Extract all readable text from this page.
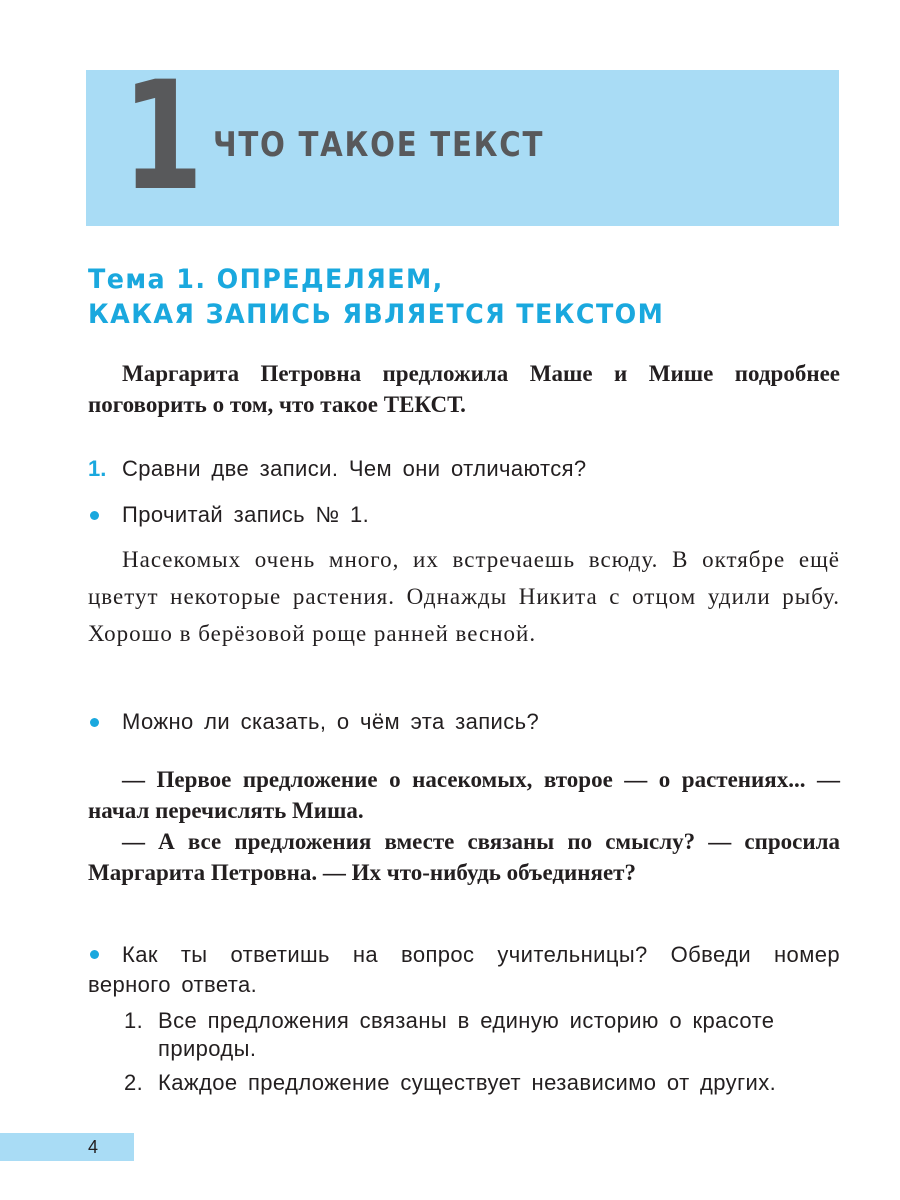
1 ЧТО ТАКОЕ ТЕКСТ
Тема 1. ОПРЕДЕЛЯЕМ,
КАКАЯ ЗАПИСЬ ЯВЛЯЕТСЯ ТЕКСТОМ

Маргарита Петровна предложила Маше и Мише подробнее поговорить о том, что такое ТЕКСТ.

1. Сравни две записи. Чем они отличаются?
Прочитай запись № 1.

Насекомых очень много, их встречаешь всюду. В октябре ещё цветут некоторые растения. Однажды Никита с отцом удили рыбу. Хорошо в берёзовой роще ранней весной.

Можно ли сказать, о чём эта запись?

— Первое предложение о насекомых, второе — о растениях... — начал перечислять Миша.

— А все предложения вместе связаны по смыслу? — спросила Маргарита Петровна. — Их что-нибудь объединяет?

Как ты ответишь на вопрос учительницы? Обведи номер верного ответа.

1. Все предложения связаны в единую историю о красоте природы.
2. Каждое предложение существует независимо от других.
4
